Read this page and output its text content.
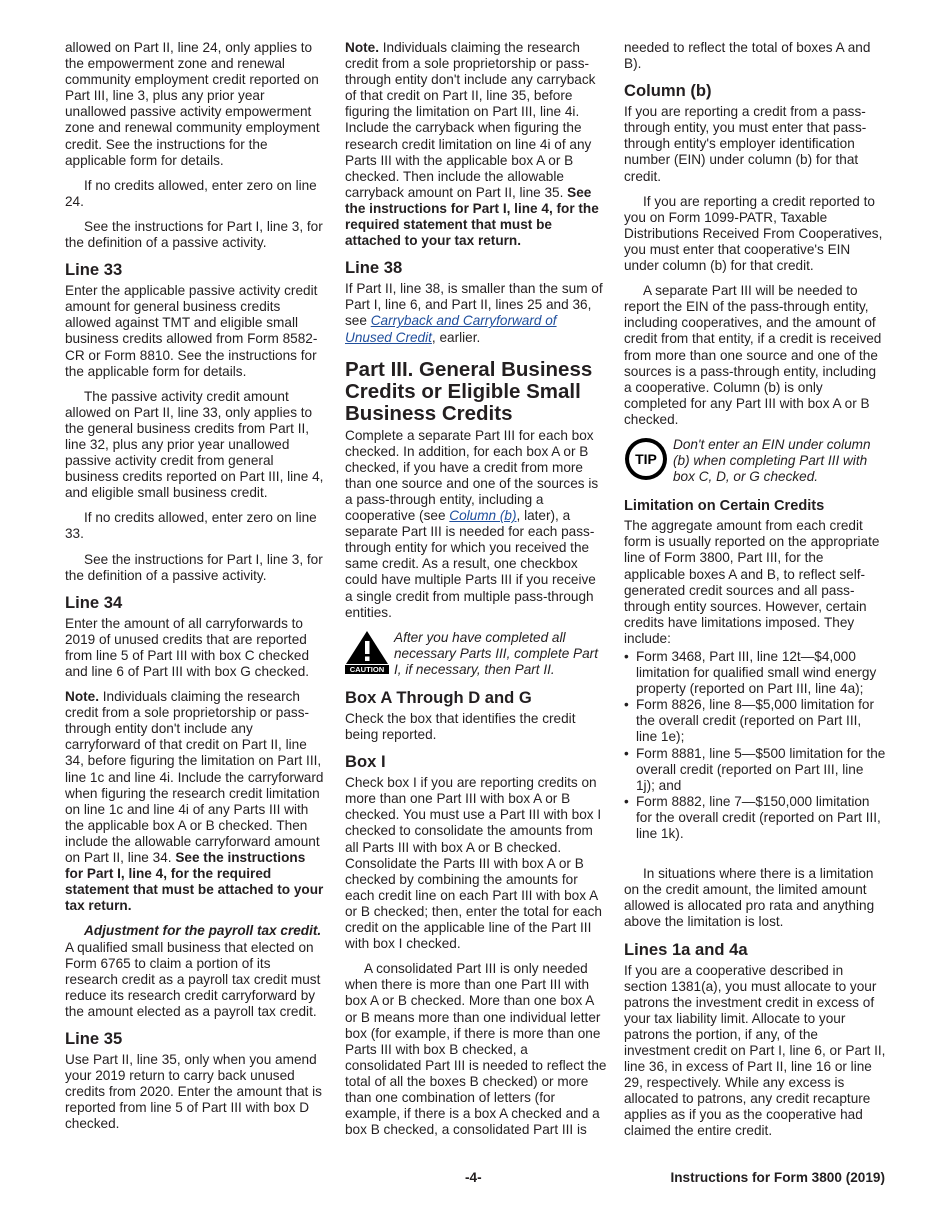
allowed on Part II, line 24, only applies to the empowerment zone and renewal community employment credit reported on Part III, line 3, plus any prior year unallowed passive activity empowerment zone and renewal community employment credit. See the instructions for the applicable form for details.

If no credits allowed, enter zero on line 24.

See the instructions for Part I, line 3, for the definition of a passive activity.

Line 33

Enter the applicable passive activity credit amount for general business credits allowed against TMT and eligible small business credits allowed from Form 8582-CR or Form 8810. See the instructions for the applicable form for details.

The passive activity credit amount allowed on Part II, line 33, only applies to the general business credits from Part II, line 32, plus any prior year unallowed passive activity credit from general business credits reported on Part III, line 4, and eligible small business credit.

If no credits allowed, enter zero on line 33.

See the instructions for Part I, line 3, for the definition of a passive activity.

Line 34

Enter the amount of all carryforwards to 2019 of unused credits that are reported from line 5 of Part III with box C checked and line 6 of Part III with box G checked.

Note. Individuals claiming the research credit from a sole proprietorship or pass-through entity don't include any carryforward of that credit on Part II, line 34, before figuring the limitation on Part III, line 1c and line 4i. Include the carryforward when figuring the research credit limitation on line 1c and line 4i of any Parts III with the applicable box A or B checked. Then include the allowable carryforward amount on Part II, line 34. See the instructions for Part I, line 4, for the required statement that must be attached to your tax return.

Adjustment for the payroll tax credit. A qualified small business that elected on Form 6765 to claim a portion of its research credit as a payroll tax credit must reduce its research credit carryforward by the amount elected as a payroll tax credit.

Line 35

Use Part II, line 35, only when you amend your 2019 return to carry back unused credits from 2020. Enter the amount that is reported from line 5 of Part III with box D checked.

Note. Individuals claiming the research credit from a sole proprietorship or pass-through entity don't include any carryback of that credit on Part II, line 35, before figuring the limitation on Part III, line 4i. Include the carryback when figuring the research credit limitation on line 4i of any Parts III with the applicable box A or B checked. Then include the allowable carryback amount on Part II, line 35. See the instructions for Part I, line 4, for the required statement that must be attached to your tax return.

Line 38

If Part II, line 38, is smaller than the sum of Part I, line 6, and Part II, lines 25 and 36, see Carryback and Carryforward of Unused Credit, earlier.

Part III. General Business Credits or Eligible Small Business Credits

Complete a separate Part III for each box checked. In addition, for each box A or B checked, if you have a credit from more than one source and one of the sources is a pass-through entity, including a cooperative (see Column (b), later), a separate Part III is needed for each pass-through entity for which you received the same credit. As a result, one checkbox could have multiple Parts III if you receive a single credit from multiple pass-through entities.

CAUTION
After you have completed all necessary Parts III, complete Part I, if necessary, then Part II.
Box A Through D and G

Check the box that identifies the credit being reported.

Box I

Check box I if you are reporting credits on more than one Part III with box A or B checked. You must use a Part III with box I checked to consolidate the amounts from all Parts III with box A or B checked. Consolidate the Parts III with box A or B checked by combining the amounts for each credit line on each Part III with box A or B checked; then, enter the total for each credit on the applicable line of the Part III with box I checked.

A consolidated Part III is only needed when there is more than one Part III with box A or B checked. More than one box A or B means more than one individual letter box (for example, if there is more than one Parts III with box B checked, a consolidated Part III is needed to reflect the total of all the boxes B checked) or more than one combination of letters (for example, if there is a box A checked and a box B checked, a consolidated Part III is

needed to reflect the total of boxes A and B).

Column (b)

If you are reporting a credit from a pass-through entity, you must enter that pass-through entity's employer identification number (EIN) under column (b) for that credit.

If you are reporting a credit reported to you on Form 1099-PATR, Taxable Distributions Received From Cooperatives, you must enter that cooperative's EIN under column (b) for that credit.

A separate Part III will be needed to report the EIN of the pass-through entity, including cooperatives, and the amount of credit from that entity, if a credit is received from more than one source and one of the sources is a pass-through entity, including a cooperative. Column (b) is only completed for any Part III with box A or B checked.

TIP
Don't enter an EIN under column (b) when completing Part III with box C, D, or G checked.
Limitation on Certain Credits

The aggregate amount from each credit form is usually reported on the appropriate line of Form 3800, Part III, for the applicable boxes A and B, to reflect self-generated credit sources and all pass-through entity sources. However, certain credits have limitations imposed. They include:

• Form 3468, Part III, line 12t—$4,000 limitation for qualified small wind energy property (reported on Part III, line 4a);

• Form 8826, line 8—$5,000 limitation for the overall credit (reported on Part III, line 1e);

• Form 8881, line 5—$500 limitation for the overall credit (reported on Part III, line 1j); and

• Form 8882, line 7—$150,000 limitation for the overall credit (reported on Part III, line 1k).

In situations where there is a limitation on the credit amount, the limited amount allowed is allocated pro rata and anything above the limitation is lost.

Lines 1a and 4a

If you are a cooperative described in section 1381(a), you must allocate to your patrons the investment credit in excess of your tax liability limit. Allocate to your patrons the portion, if any, of the investment credit on Part I, line 6, or Part II, line 36, in excess of Part II, line 16 or line 29, respectively. While any excess is allocated to patrons, any credit recapture applies as if you as the cooperative had claimed the entire credit.

-4-	Instructions for Form 3800 (2019)
